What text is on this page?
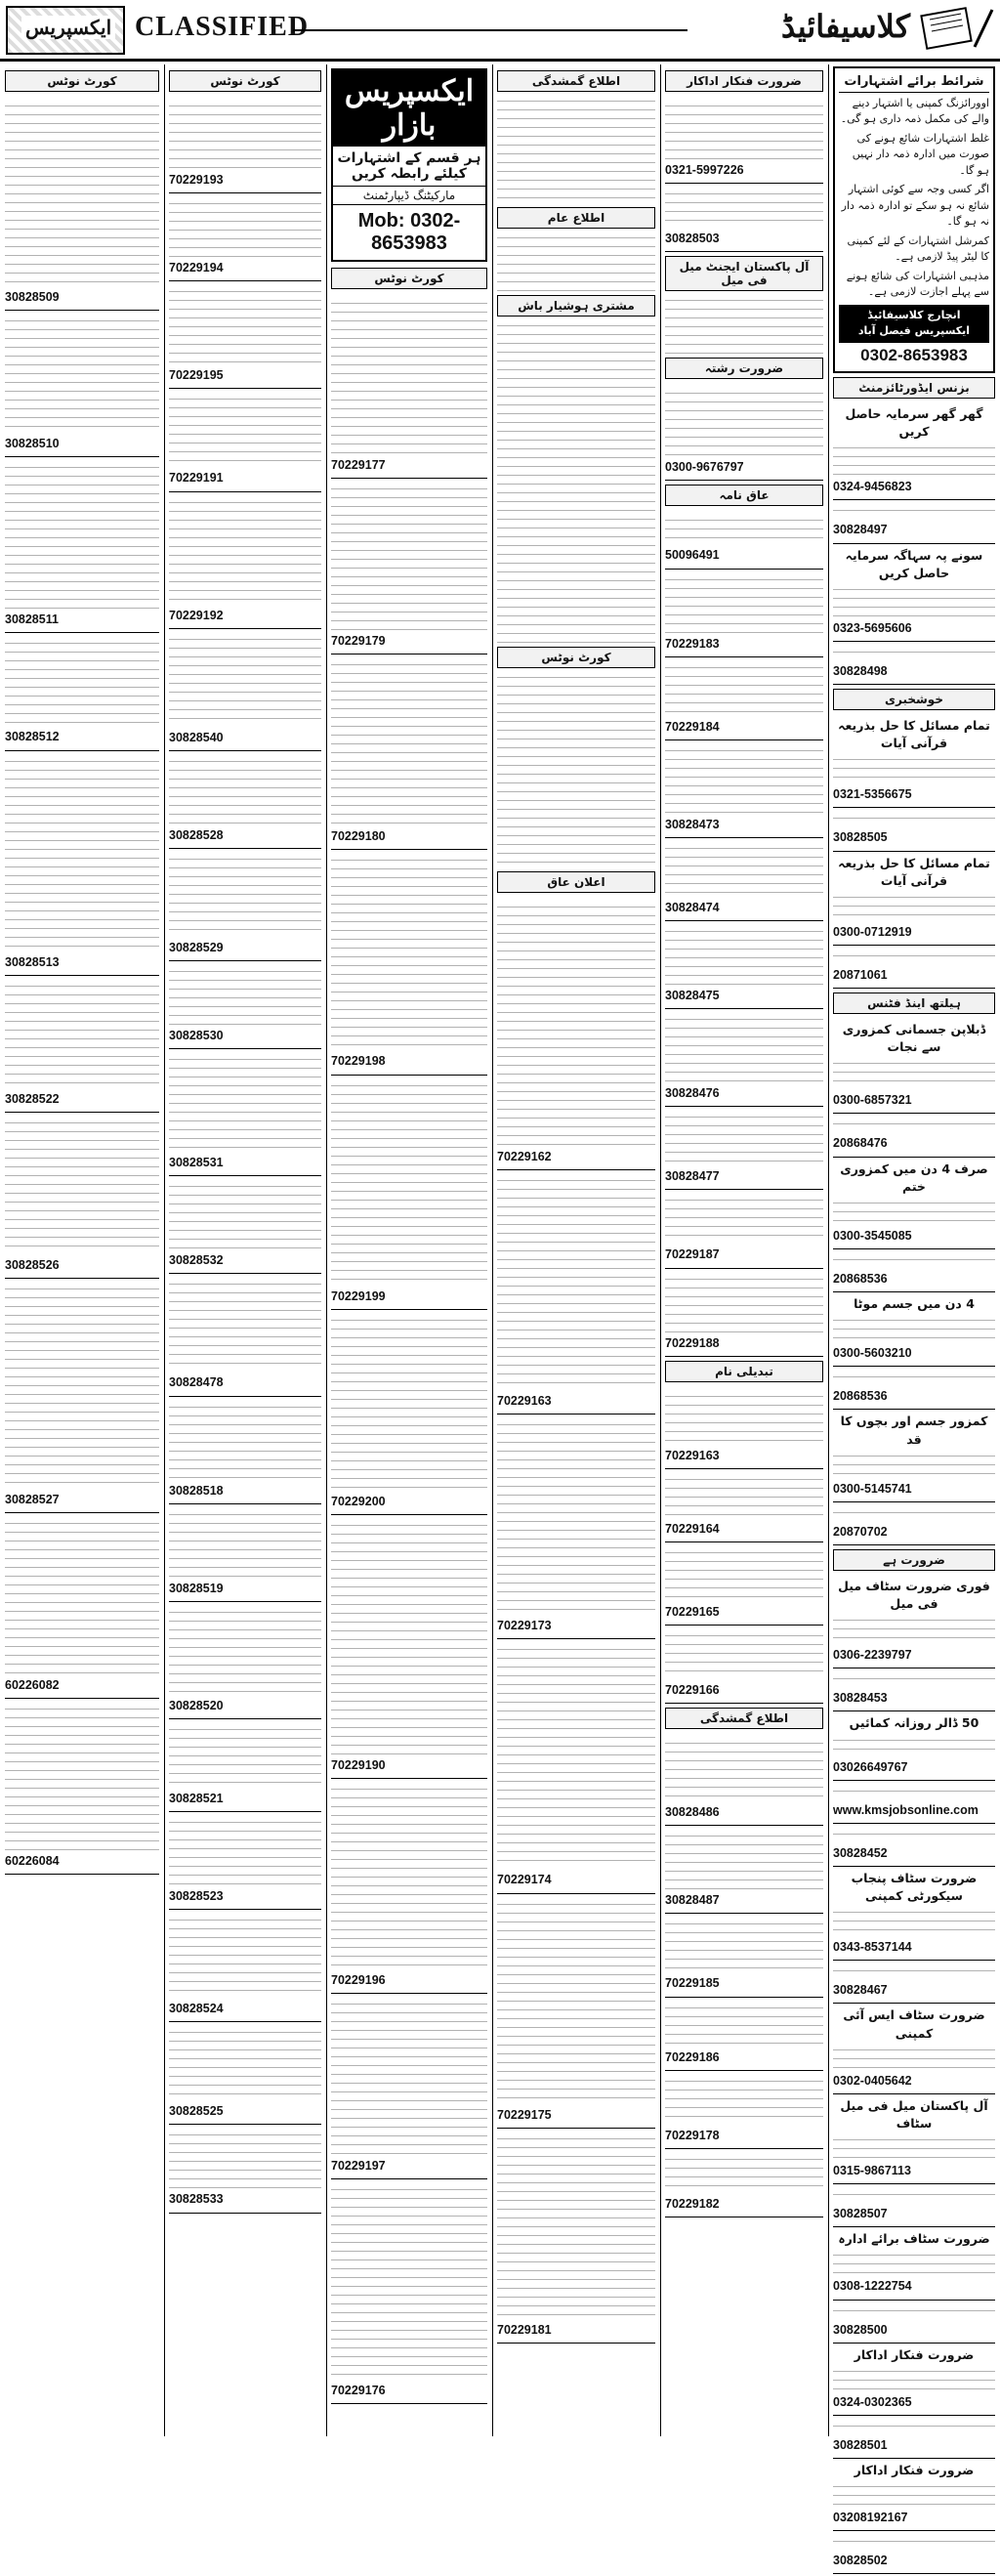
ایکسپریس CLASSIFIED	کلاسیفائیڈ
کورٹ نوٹس
30828509
30828510
30828511
30828512
30828513
30828522
30828526
30828527
60226082
60226084
کورٹ نوٹس
70229193
70229194
70229195
70229191
70229192
30828540
30828528
30828529
30828530
30828531
30828532
30828478
30828518
30828519
30828520
30828521
30828523
30828524
30828525
30828533
ایکسپریس بازار
ہر قسم کے اشتہارات کیلئے رابطہ کریں
مارکیٹنگ ڈیپارٹمنٹ
Mob: 0302-8653983
کورٹ نوٹس
70229177
70229179
70229180
70229198
70229199
70229200
70229190
70229196
70229197
70229176
اطلاع گمشدگی
اطلاع عام
مشتری ہوشیار باش
کورٹ نوٹس
اعلان عاق
70229162
70229163
70229173
70229174
70229175
70229181
ضرورت فنکار اداکار
0321-5997226
30828503
آل پاکستان ایجنٹ میل فی میل
ضرورت رشتہ
0300-9676797
عاق نامہ
50096491
70229183
70229184
30828473
30828474
30828475
30828476
30828477
70229187
70229188
تبدیلی نام
70229163
70229164
70229165
70229166
اطلاع گمشدگی
30828486
30828487
70229185
70229186
70229178
70229182
شرائط برائے اشتہارات

اوورائزنگ کمپنی یا اشتہار دینے والے کی مکمل ذمہ داری ہو گی۔

غلط اشتہارات شائع ہونے کی صورت میں ادارہ ذمہ دار نہیں ہو گا۔

اگر کسی وجہ سے کوئی اشتہار شائع نہ ہو سکے تو ادارہ ذمہ دار نہ ہو گا۔

کمرشل اشتہارات کے لئے کمپنی کا لیٹر پیڈ لازمی ہے۔

مذہبی اشتہارات کی شائع ہونے سے پہلے اجازت لازمی ہے۔

انچارج کلاسیفائیڈ ایکسپریس فیصل آباد
0302-8653983
بزنس ایڈورٹائزمنٹ
گھر گھر سرمایہ حاصل کریں
0324-9456823
30828497
سونے پہ سہاگہ سرمایہ حاصل کریں
0323-5695606
30828498
خوشخبری
تمام مسائل کا حل بذریعہ قرآنی آیات
0321-5356675
30828505
تمام مسائل کا حل بذریعہ قرآنی آیات
0300-0712919
20871061
ہیلتھ اینڈ فٹنس
ڈبلاپن جسمانی کمزوری سے نجات
0300-6857321
20868476
صرف 4 دن میں کمزوری ختم
0300-3545085
20868536
4 دن میں جسم موٹا
0300-5603210
20868536
کمزور جسم اور بچوں کا قد
0300-5145741
20870702
ضرورت ہے
فوری ضرورت سٹاف میل فی میل
0306-2239797
30828453
50 ڈالر روزانہ کمائیں
03026649767
www.kmsjobsonline.com
30828452
ضرورت سٹاف پنجاب سیکورٹی کمپنی
0343-8537144
30828467
ضرورت سٹاف ایس آئی کمپنی
0302-0405642
آل پاکستان میل فی میل سٹاف
0315-9867113
30828507
ضرورت سٹاف برائے ادارہ
0308-1222754
30828500
ضرورت فنکار اداکار
0324-0302365
30828501
ضرورت فنکار اداکار
03208192167
30828502
